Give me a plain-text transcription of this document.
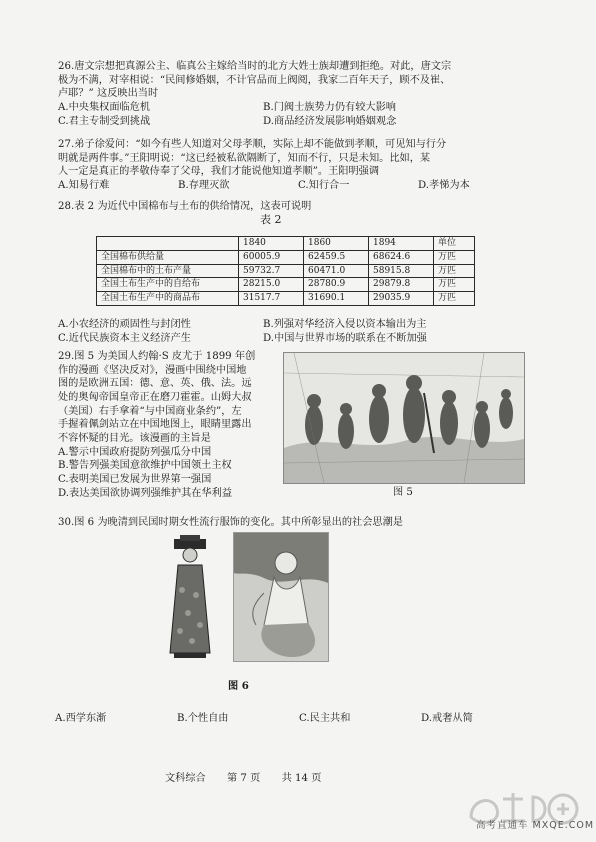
26.唐文宗想把真源公主、临真公主嫁给当时的北方大姓士族却遭到拒绝。对此，唐文宗
极为不满，对宰相说：“民间修婚姻，不计官品而上阀阅，我家二百年天子，顾不及崔、
卢耶？” 这反映出当时
A.中央集权面临危机	B.门阀士族势力仍有较大影响
C.君主专制受到挑战	D.商品经济发展影响婚姻观念
27.弟子徐爱问：“如今有些人知道对父母孝顺，实际上却不能做到孝顺，可见知与行分
明就是两件事。”王阳明说：“这已经被私欲隔断了，知而不行，只是未知。比如，某
人一定是真正的孝敬侍奉了父母，我们才能说他知道孝顺”。王阳明强调
A.知易行难	B.存理灭欲	C.知行合一	D.孝悌为本
28.表 2 为近代中国棉布与土布的供给情况，这表可说明
表 2
	1840	1860	1894	单位
全国棉布供给量	60005.9	62459.5	68624.6	万匹
全国棉布中的土布产量	59732.7	60471.0	58915.8	万匹
全国土布生产中的自给布	28215.0	28780.9	29879.8	万匹
全国土布生产中的商品布	31517.7	31690.1	29035.9	万匹
A.小农经济的顽固性与封闭性	B.列强对华经济入侵以资本输出为主
C.近代民族资本主义经济产生	D.中国与世界市场的联系在不断加强
29.图 5 为美国人约翰·S 皮尤于 1899 年创
作的漫画《坚决反对》，漫画中围绕中国地
图的是欧洲五国：德、意、英、俄、法。远
处的奥匈帝国皇帝正在磨刀霍霍。山姆大叔
（美国）右手拿着“与中国商业条约”，左
手握着佩剑站立在中国地图上，眼睛里露出
不容怀疑的目光。该漫画的主旨是
A.警示中国政府提防列强瓜分中国
B.警告列强美国意欲维护中国领土主权
C.表明美国已发展为世界第一强国
D.表达美国欲协调列强维护其在华利益	图 5
30.图 6 为晚清到民国时期女性流行服饰的变化。其中所彰显出的社会思潮是
图 6
A.西学东渐	B.个性自由	C.民主共和	D.戒奢从简
文科综合 第 7 页 共 14 页
高考直通车 MXQE.COM
